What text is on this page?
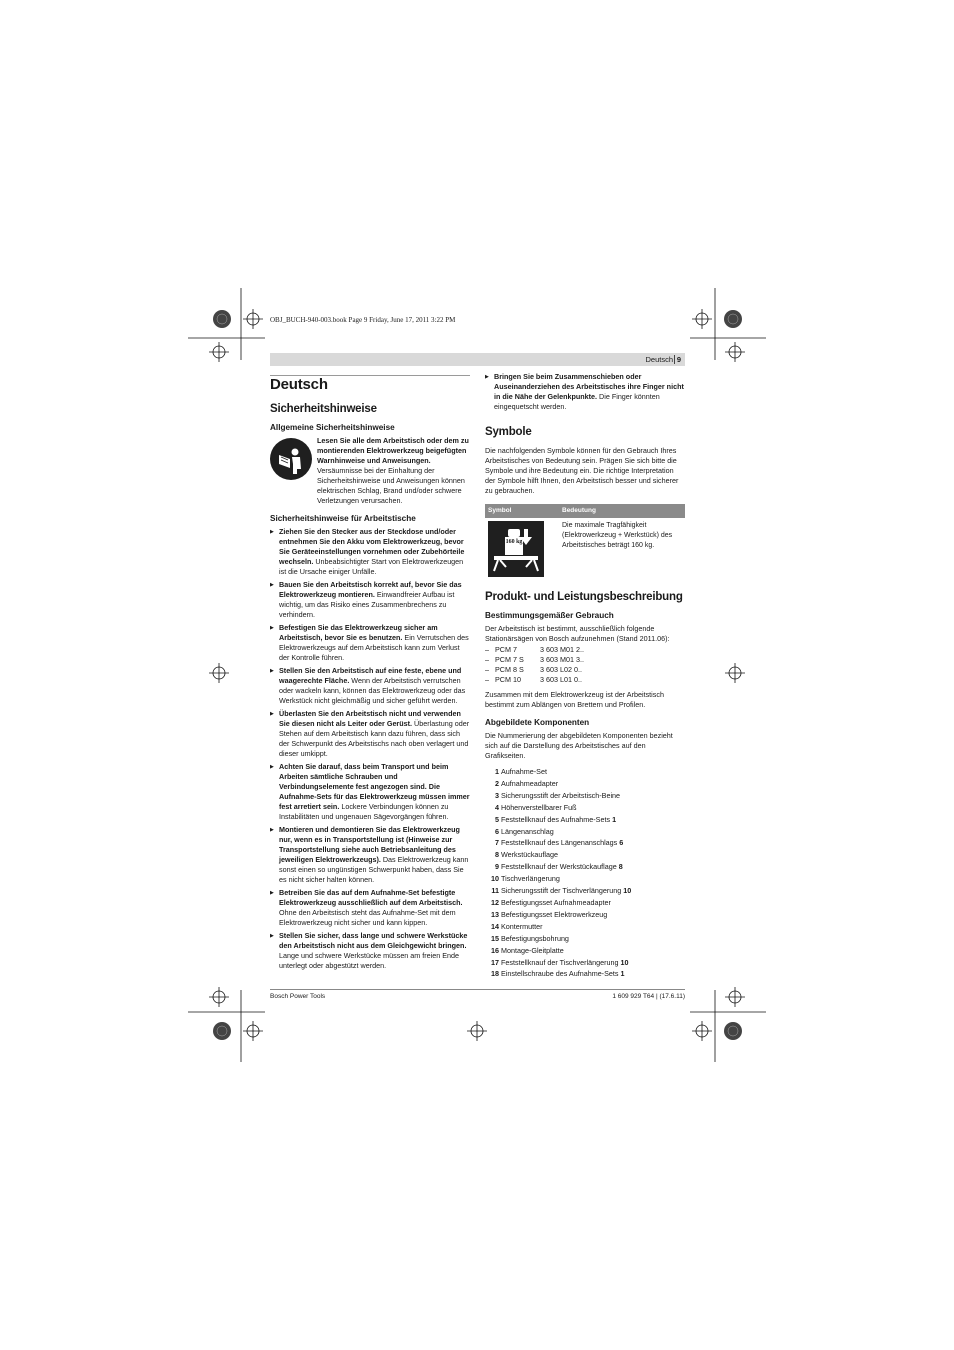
OBJ_BUCH-940-003.book Page 9 Friday, June 17, 2011 3:22 PM
Deutsch 9
Deutsch
Sicherheitshinweise
Allgemeine Sicherheitshinweise

Lesen Sie alle dem Arbeitstisch oder dem zu montierenden Elektrowerkzeug beigefügten Warnhinweise und Anweisungen. Versäumnisse bei der Einhaltung der Sicherheitshinweise und Anweisungen können elektrischen Schlag, Brand und/oder schwere Verletzungen verursachen.

Sicherheitshinweise für Arbeitstische
▶ Ziehen Sie den Stecker aus der Steckdose und/oder entnehmen Sie den Akku vom Elektrowerkzeug, bevor Sie Geräteeinstellungen vornehmen oder Zubehörteile wechseln. Unbeabsichtigter Start von Elektrowerkzeugen ist die Ursache einiger Unfälle.
▶ Bauen Sie den Arbeitstisch korrekt auf, bevor Sie das Elektrowerkzeug montieren. Einwandfreier Aufbau ist wichtig, um das Risiko eines Zusammenbrechens zu verhindern.
▶ Befestigen Sie das Elektrowerkzeug sicher am Arbeitstisch, bevor Sie es benutzen. Ein Verrutschen des Elektrowerkzeugs auf dem Arbeitstisch kann zum Verlust der Kontrolle führen.
▶ Stellen Sie den Arbeitstisch auf eine feste, ebene und waagerechte Fläche. Wenn der Arbeitstisch verrutschen oder wackeln kann, können das Elektrowerkzeug oder das Werkstück nicht gleichmäßig und sicher geführt werden.
▶ Überlasten Sie den Arbeitstisch nicht und verwenden Sie diesen nicht als Leiter oder Gerüst. Überlastung oder Stehen auf dem Arbeitstisch kann dazu führen, dass sich der Schwerpunkt des Arbeitstischs nach oben verlagert und dieser umkippt.
▶ Achten Sie darauf, dass beim Transport und beim Arbeiten sämtliche Schrauben und Verbindungselemente fest angezogen sind. Die Aufnahme-Sets für das Elektrowerkzeug müssen immer fest arretiert sein. Lockere Verbindungen können zu Instabilitäten und ungenauen Sägevorgängen führen.
▶ Montieren und demontieren Sie das Elektrowerkzeug nur, wenn es in Transportstellung ist (Hinweise zur Transportstellung siehe auch Betriebsanleitung des jeweiligen Elektrowerkzeugs). Das Elektrowerkzeug kann sonst einen so ungünstigen Schwerpunkt haben, dass Sie es nicht sicher halten können.
▶ Betreiben Sie das auf dem Aufnahme-Set befestigte Elektrowerkzeug ausschließlich auf dem Arbeitstisch. Ohne den Arbeitstisch steht das Aufnahme-Set mit dem Elektrowerkzeug nicht sicher und kann kippen.
▶ Stellen Sie sicher, dass lange und schwere Werkstücke den Arbeitstisch nicht aus dem Gleichgewicht bringen. Lange und schwere Werkstücke müssen am freien Ende unterlegt oder abgestützt werden.
▶ Bringen Sie beim Zusammenschieben oder Auseinanderziehen des Arbeitstisches ihre Finger nicht in die Nähe der Gelenkpunkte. Die Finger könnten eingequetscht werden.
Symbole

Die nachfolgenden Symbole können für den Gebrauch Ihres Arbeitstisches von Bedeutung sein. Prägen Sie sich bitte die Symbole und ihre Bedeutung ein. Die richtige Interpretation der Symbole hilft Ihnen, den Arbeitstisch besser und sicherer zu gebrauchen.

Symbol	Bedeutung

160 kg	Die maximale Tragfähigkeit (Elektrowerkzeug + Werkstück) des Arbeitstisches beträgt 160 kg.
Produkt- und Leistungsbeschreibung
Bestimmungsgemäßer Gebrauch

Der Arbeitstisch ist bestimmt, ausschließlich folgende Stationärsägen von Bosch aufzunehmen (Stand 2011.06):

– PCM 7	3 603 M01 2..
– PCM 7 S	3 603 M01 3..
– PCM 8 S	3 603 L02 0..
– PCM 10	3 603 L01 0..

Zusammen mit dem Elektrowerkzeug ist der Arbeitstisch bestimmt zum Ablängen von Brettern und Profilen.

Abgebildete Komponenten

Die Nummerierung der abgebildeten Komponenten bezieht sich auf die Darstellung des Arbeitstisches auf den Grafikseiten.

1 Aufnahme-Set
2 Aufnahmeadapter
3 Sicherungsstift der Arbeitstisch-Beine
4 Höhenverstellbarer Fuß
5 Feststellknauf des Aufnahme-Sets 1
6 Längenanschlag
7 Feststellknauf des Längenanschlags 6
8 Werkstückauflage
9 Feststellknauf der Werkstückauflage 8
10 Tischverlängerung
11 Sicherungsstift der Tischverlängerung 10
12 Befestigungsset Aufnahmeadapter
13 Befestigungsset Elektrowerkzeug
14 Kontermutter
15 Befestigungsbohrung
16 Montage-Gleitplatte
17 Feststellknauf der Tischverlängerung 10
18 Einstellschraube des Aufnahme-Sets 1
Bosch Power Tools	1 609 929 T64 | (17.6.11)
